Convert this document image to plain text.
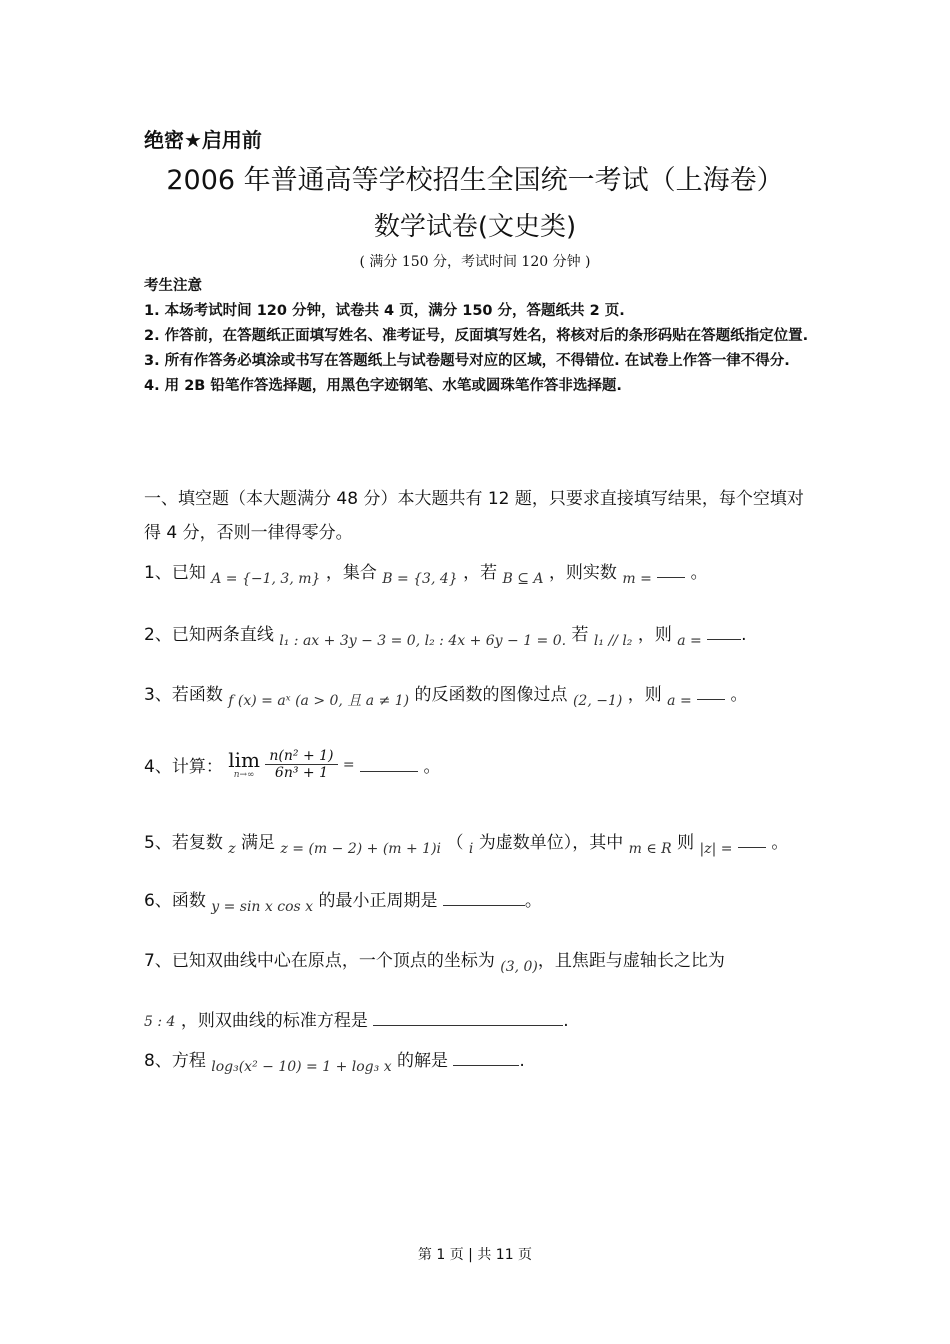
绝密★启用前
2006 年普通高等学校招生全国统一考试（上海卷）
数学试卷(文史类)
( 满分 150 分，考试时间 120 分钟 )
考生注意
1. 本场考试时间 120 分钟，试卷共 4 页，满分 150 分，答题纸共 2 页.
2. 作答前，在答题纸正面填写姓名、准考证号，反面填写姓名，将核对后的条形码贴在答题纸指定位置.
3. 所有作答务必填涂或书写在答题纸上与试卷题号对应的区域，不得错位. 在试卷上作答一律不得分.
4. 用 2B 铅笔作答选择题，用黑色字迹钢笔、水笔或圆珠笔作答非选择题.
一、填空题（本大题满分 48 分）本大题共有 12 题，只要求直接填写结果，每个空填对得 4 分，否则一律得零分。
1、已知 $_{A = \{-1, 3, m\}}$ ，集合 $_{B = \{3, 4\}}$ ，若 $_{B ⊆ A}$ ，则实数 $_{m =}$ 。
2、已知两条直线 $_{l_1 : ax + 3y - 3 = 0, l_2 : 4x + 6y - 1 = 0.}$ 若 $_{l_1 // l_2}$ ，则 $_{a =}$ .
3、若函数 $_{f (x) = aˣ (a > 0, 且 a \ne 1)}$ 的反函数的图像过点 $_{(2, -1)}$ ，则 $_{a =}$ 。
4、计算： lim
n→∞
$\frac{\text{n(n² + 1)}}{\text{6n³ + 1}}$ =	。
5、若复数 $_z$ 满足 $_{z = (m - 2) + (m + 1)i}$ （ $_i$ 为虚数单位），其中 $_{m \in R}$ 则 $_{|z| =}$ 。
6、函数 $_{y = sin x cos x}$ 的最小正周期是	。
7、已知双曲线中心在原点，一个顶点的坐标为 $_{(3, 0)}$，且焦距与虚轴长之比为
5 : 4 ，则双曲线的标准方程是	.
8、方程 $_{log_3(x^2 - 10) = 1 + log_3 x}$ 的解是	.
第 1 页 | 共 11 页
